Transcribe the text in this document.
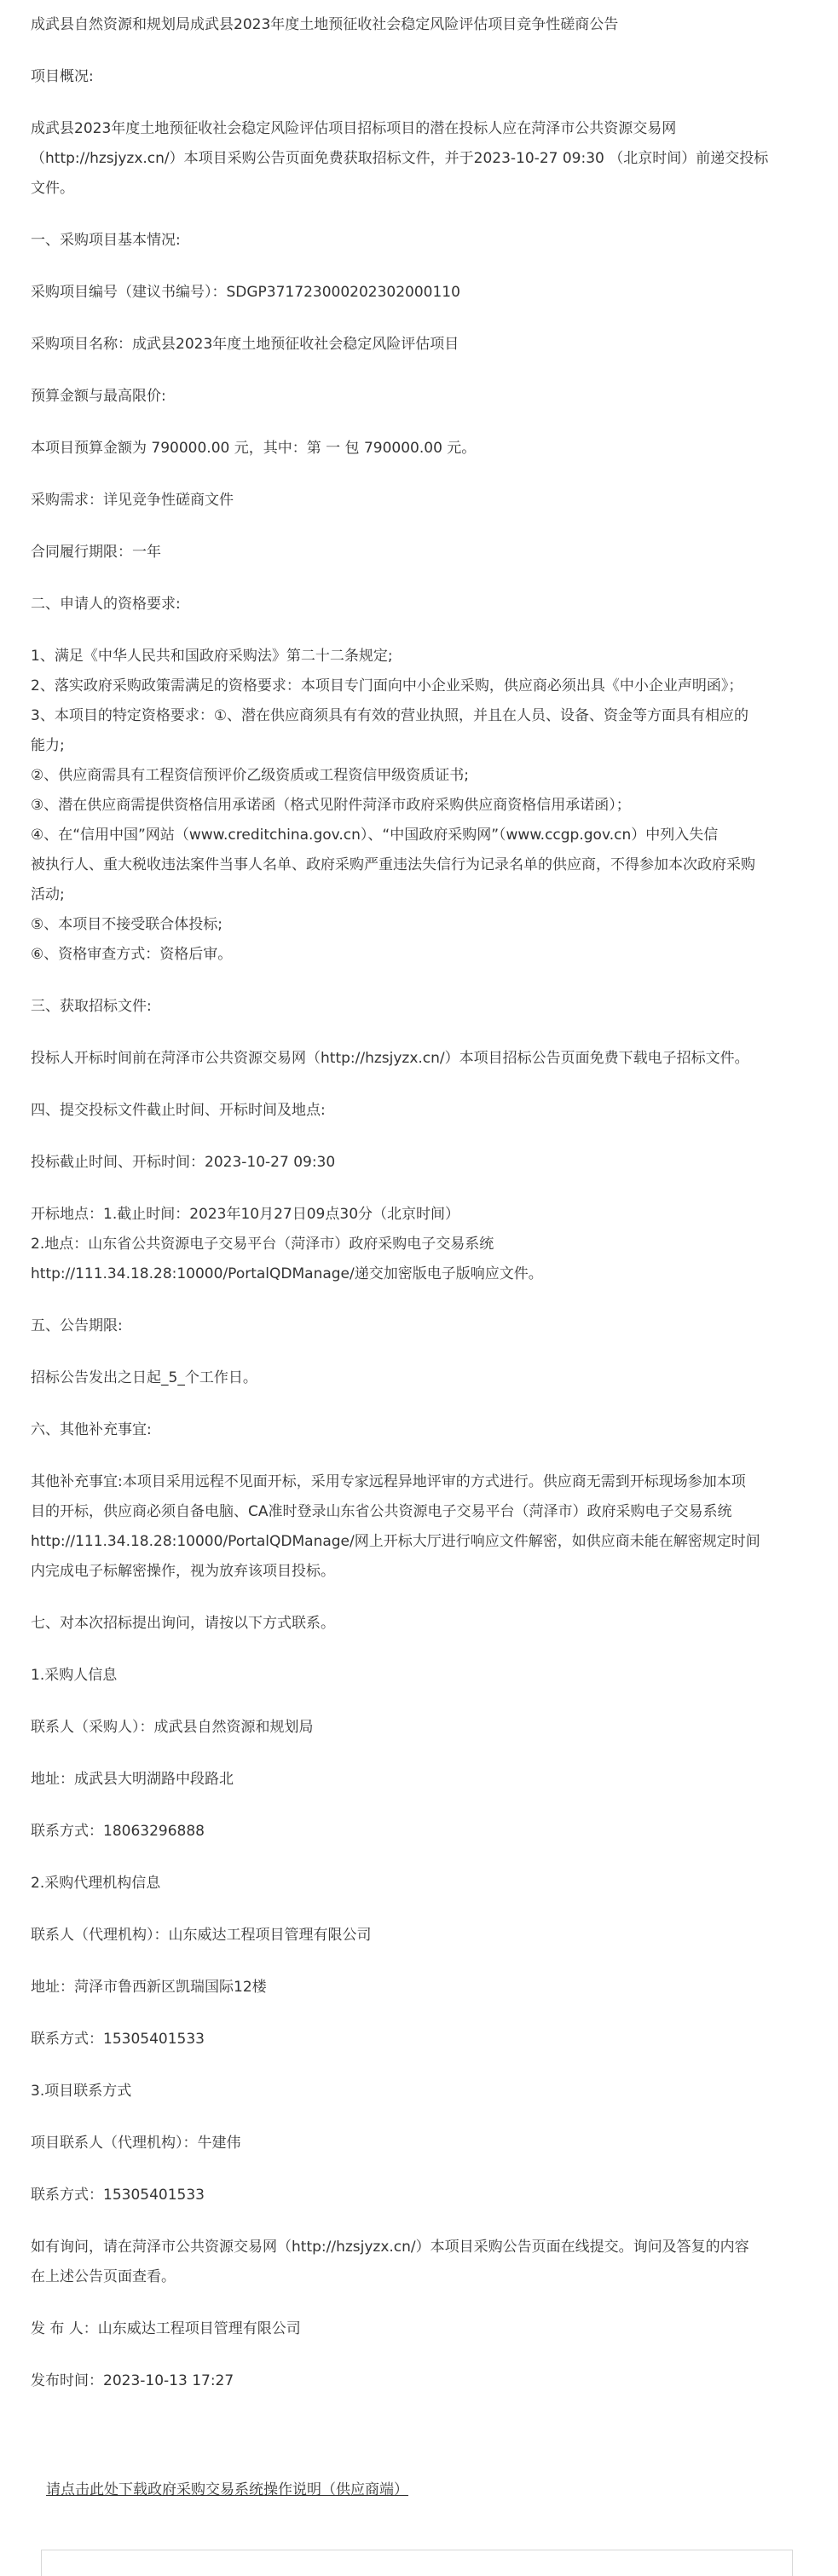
成武县自然资源和规划局成武县2023年度土地预征收社会稳定风险评估项目竞争性磋商公告

项目概况:

成武县2023年度土地预征收社会稳定风险评估项目招标项目的潜在投标人应在菏泽市公共资源交易网
（http://hzsjyzx.cn/）本项目采购公告页面免费获取招标文件，并于2023-10-27 09:30 （北京时间）前递交投标
文件。

一、采购项目基本情况:

采购项目编号（建议书编号）：SDGP371723000202302000110

采购项目名称：成武县2023年度土地预征收社会稳定风险评估项目

预算金额与最高限价:

本项目预算金额为 790000.00 元，其中：第 一 包 790000.00 元。

采购需求：详见竞争性磋商文件

合同履行期限：一年

二、申请人的资格要求:

1、满足《中华人民共和国政府采购法》第二十二条规定;
2、落实政府采购政策需满足的资格要求：本项目专门面向中小企业采购，供应商必须出具《中小企业声明函》；
3、本项目的特定资格要求：①、潜在供应商须具有有效的营业执照，并且在人员、设备、资金等方面具有相应的
能力;
②、供应商需具有工程资信预评价乙级资质或工程资信甲级资质证书;
③、潜在供应商需提供资格信用承诺函（格式见附件菏泽市政府采购供应商资格信用承诺函）；
④、在“信用中国”网站（www.creditchina.gov.cn）、“中国政府采购网”（www.ccgp.gov.cn）中列入失信
被执行人、重大税收违法案件当事人名单、政府采购严重违法失信行为记录名单的供应商，不得参加本次政府采购
活动;
⑤、本项目不接受联合体投标;
⑥、资格审查方式：资格后审。

三、获取招标文件:

投标人开标时间前在菏泽市公共资源交易网（http://hzsjyzx.cn/）本项目招标公告页面免费下载电子招标文件。

四、提交投标文件截止时间、开标时间及地点:

投标截止时间、开标时间：2023-10-27 09:30

开标地点：1.截止时间：2023年10月27日09点30分（北京时间）
2.地点：山东省公共资源电子交易平台（菏泽市）政府采购电子交易系统
http://111.34.18.28:10000/PortalQDManage/递交加密版电子版响应文件。

五、公告期限:

招标公告发出之日起_5_个工作日。

六、其他补充事宜:

其他补充事宜:本项目采用远程不见面开标，采用专家远程异地评审的方式进行。供应商无需到开标现场参加本项
目的开标，供应商必须自备电脑、CA准时登录山东省公共资源电子交易平台（菏泽市）政府采购电子交易系统
http://111.34.18.28:10000/PortalQDManage/网上开标大厅进行响应文件解密，如供应商未能在解密规定时间
内完成电子标解密操作，视为放弃该项目投标。

七、对本次招标提出询问，请按以下方式联系。

1.采购人信息

联系人（采购人）：成武县自然资源和规划局

地址：成武县大明湖路中段路北

联系方式：18063296888

2.采购代理机构信息

联系人（代理机构）：山东威达工程项目管理有限公司

地址：菏泽市鲁西新区凯瑞国际12楼

联系方式：15305401533

3.项目联系方式

项目联系人（代理机构）：牛建伟

联系方式：15305401533

如有询问，请在菏泽市公共资源交易网（http://hzsjyzx.cn/）本项目采购公告页面在线提交。询问及答复的内容
在上述公告页面查看。

发 布 人：山东威达工程项目管理有限公司

发布时间：2023-10-13 17:27

请点击此处下载政府采购交易系统操作说明（供应商端）
